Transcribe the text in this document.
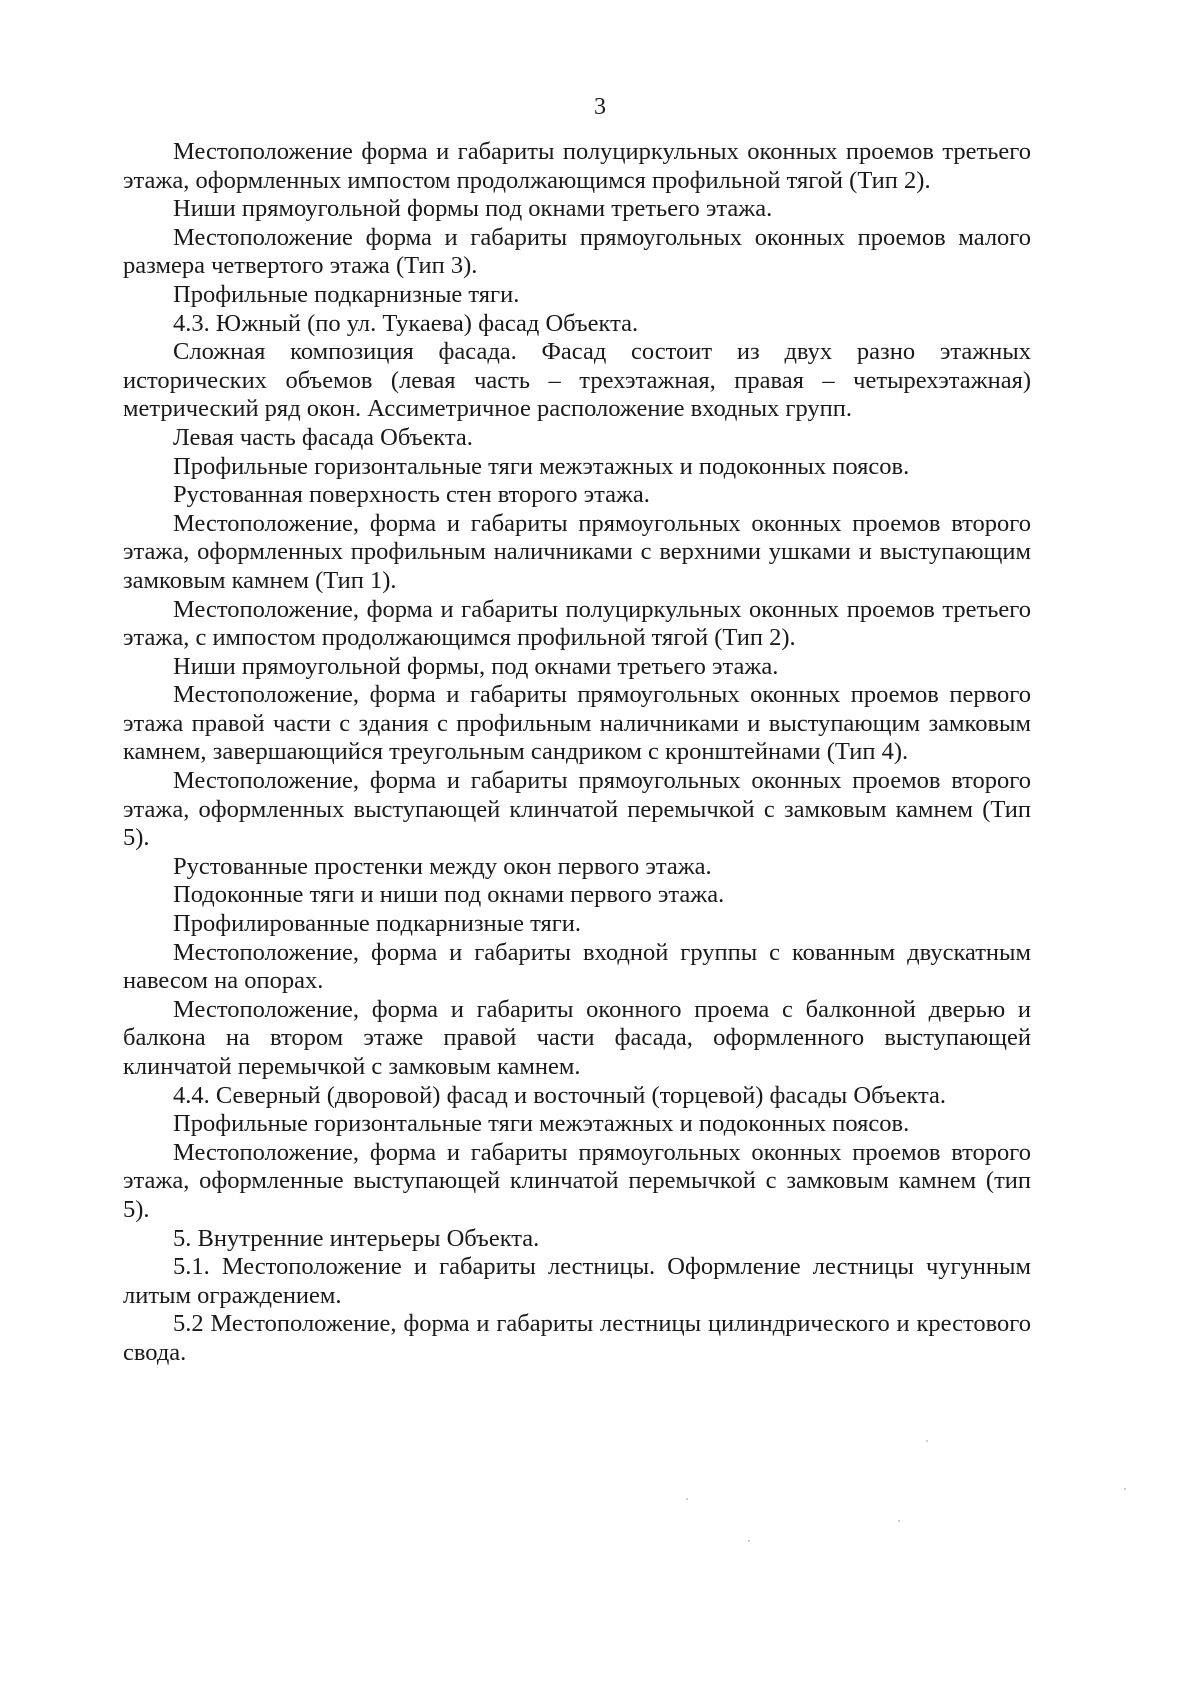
3

Местоположение форма и габариты полуциркульных оконных проемов третьего этажа, оформленных импостом продолжающимся профильной тягой (Тип 2).

Ниши прямоугольной формы под окнами третьего этажа.

Местоположение форма и габариты прямоугольных оконных проемов малого размера четвертого этажа (Тип 3).

Профильные подкарнизные тяги.

4.3. Южный (по ул. Тукаева) фасад Объекта.

Сложная композиция фасада. Фасад состоит из двух разно этажных исторических объемов (левая часть – трехэтажная, правая – четырехэтажная) метрический ряд окон. Ассиметричное расположение входных групп.

Левая часть фасада Объекта.

Профильные горизонтальные тяги межэтажных и подоконных поясов.

Рустованная поверхность стен второго этажа.

Местоположение, форма и габариты прямоугольных оконных проемов второго этажа, оформленных профильным наличниками с верхними ушками и выступающим замковым камнем (Тип 1).

Местоположение, форма и габариты полуциркульных оконных проемов третьего этажа, с импостом продолжающимся профильной тягой (Тип 2).

Ниши прямоугольной формы, под окнами третьего этажа.

Местоположение, форма и габариты прямоугольных оконных проемов первого этажа правой части с здания с профильным наличниками и выступающим замковым камнем, завершающийся треугольным сандриком с кронштейнами (Тип 4).

Местоположение, форма и габариты прямоугольных оконных проемов второго этажа, оформленных выступающей клинчатой перемычкой с замковым камнем (Тип 5).

Рустованные простенки между окон первого этажа.

Подоконные тяги и ниши под окнами первого этажа.

Профилированные подкарнизные тяги.

Местоположение, форма и габариты входной группы с кованным двускатным навесом на опорах.

Местоположение, форма и габариты оконного проема с балконной дверью и балкона на втором этаже правой части фасада, оформленного выступающей клинчатой перемычкой с замковым камнем.

4.4. Северный (дворовой) фасад и восточный (торцевой) фасады Объекта.

Профильные горизонтальные тяги межэтажных и подоконных поясов.

Местоположение, форма и габариты прямоугольных оконных проемов второго этажа, оформленные выступающей клинчатой перемычкой с замковым камнем (тип 5).

5. Внутренние интерьеры Объекта.

5.1. Местоположение и габариты лестницы. Оформление лестницы чугунным литым ограждением.

5.2 Местоположение, форма и габариты лестницы цилиндрического и крестового свода.
